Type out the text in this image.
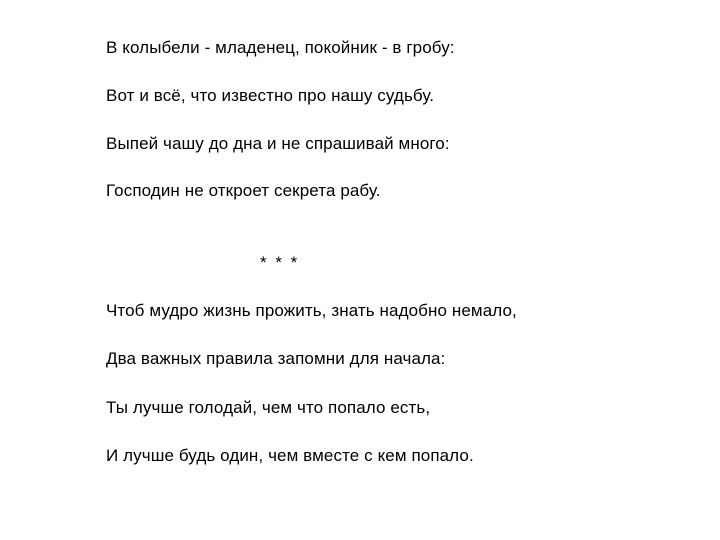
В колыбели - младенец, покойник - в гробу:
Вот и всё, что известно про нашу судьбу.
Выпей чашу до дна и не спрашивай много:
Господин не откроет секрета рабу.
* * *
Чтоб мудро жизнь прожить, знать надобно немало,
Два важных правила запомни для начала:
Ты лучше голодай, чем что попало есть,
И лучше будь один, чем вместе с кем попало.
